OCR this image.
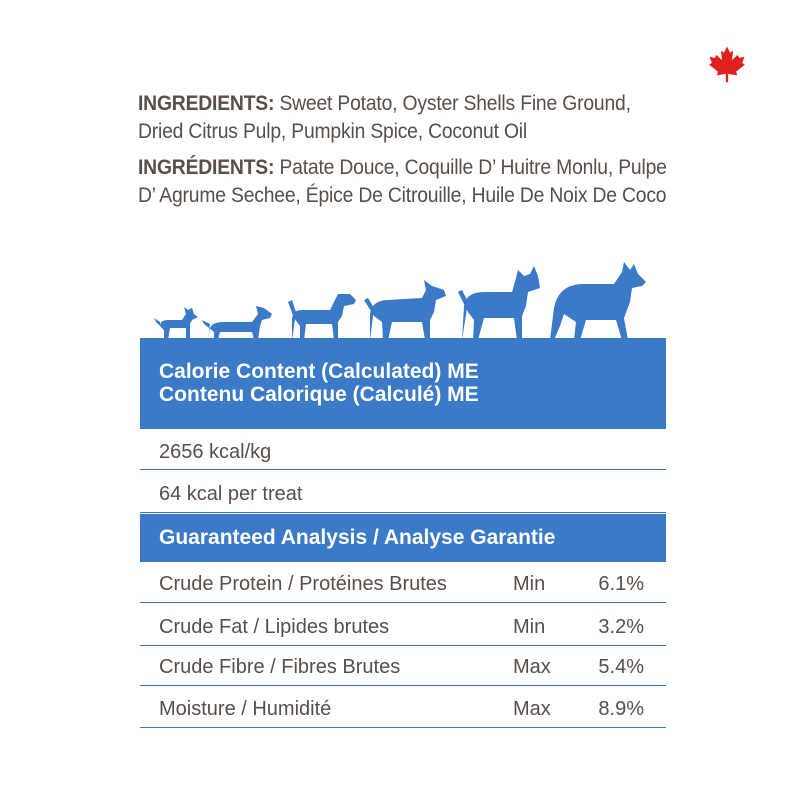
INGREDIENTS: Sweet Potato, Oyster Shells Fine Ground, Dried Citrus Pulp, Pumpkin Spice, Coconut Oil
INGRÉDIENTS: Patate Douce, Coquille D’ Huitre Monlu, Pulpe D’ Agrume Sechee, Épice De Citrouille, Huile De Noix De Coco
Calorie Content (Calculated) ME
Contenu Calorique (Calculé) ME
2656 kcal/kg
64 kcal per treat
Guaranteed Analysis / Analyse Garantie
Crude Protein / Protéines Brutes	Min	6.1%
Crude Fat / Lipides brutes	Min	3.2%
Crude Fibre / Fibres Brutes	Max 5.4%
Moisture / Humidité	Max 8.9%
